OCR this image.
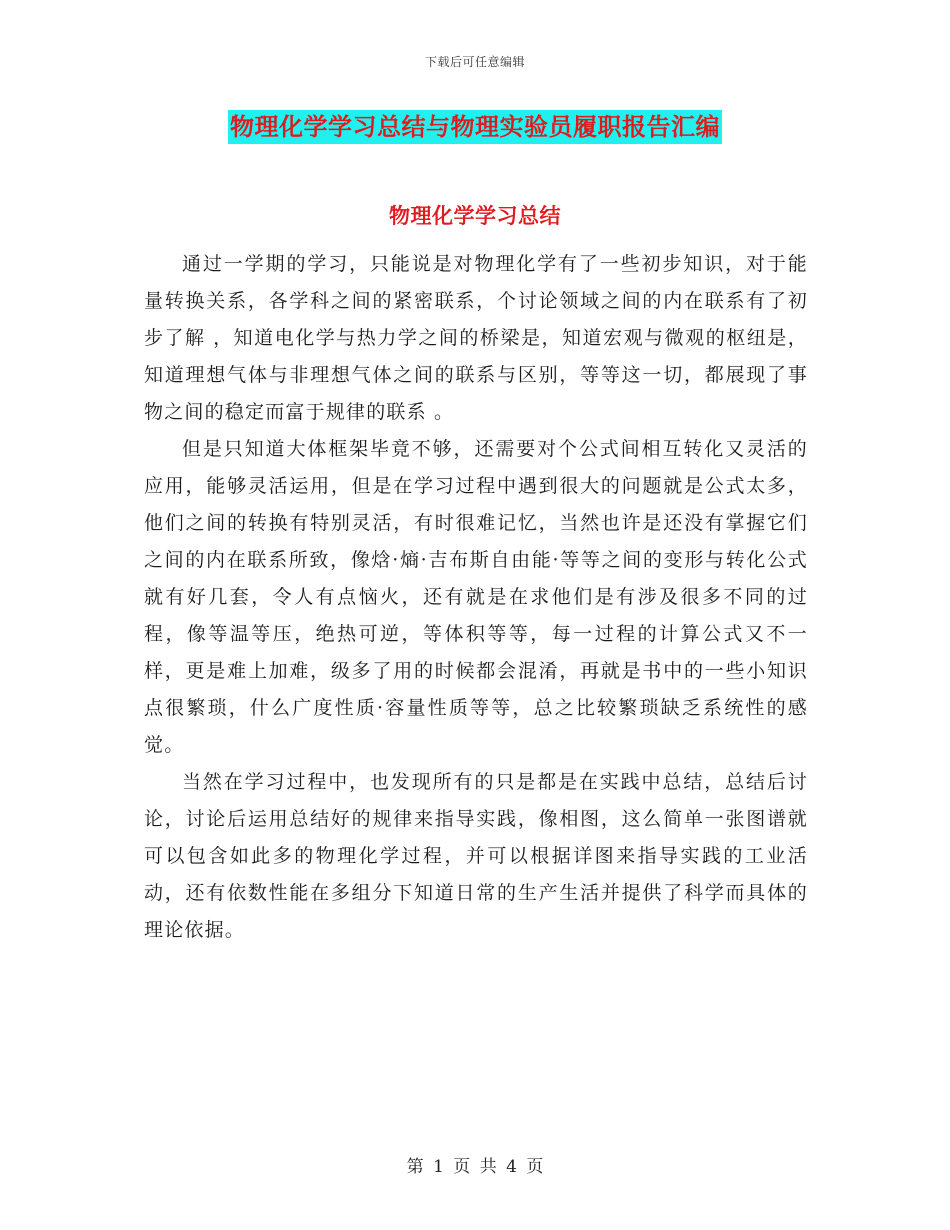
下载后可任意编辑
物理化学学习总结与物理实验员履职报告汇编
物理化学学习总结

通过一学期的学习，只能说是对物理化学有了一些初步知识，对于能量转换关系，各学科之间的紧密联系，个讨论领域之间的内在联系有了初步了解 ，知道电化学与热力学之间的桥梁是，知道宏观与微观的枢纽是，知道理想气体与非理想气体之间的联系与区别，等等这一切，都展现了事物之间的稳定而富于规律的联系 。

但是只知道大体框架毕竟不够，还需要对个公式间相互转化又灵活的应用，能够灵活运用，但是在学习过程中遇到很大的问题就是公式太多，他们之间的转换有特别灵活，有时很难记忆，当然也许是还没有掌握它们之间的内在联系所致，像焓·熵·吉布斯自由能·等等之间的变形与转化公式就有好几套，令人有点恼火，还有就是在求他们是有涉及很多不同的过程，像等温等压，绝热可逆，等体积等等，每一过程的计算公式又不一样，更是难上加难，级多了用的时候都会混淆，再就是书中的一些小知识点很繁琐，什么广度性质·容量性质等等，总之比较繁琐缺乏系统性的感觉。

当然在学习过程中，也发现所有的只是都是在实践中总结，总结后讨论，讨论后运用总结好的规律来指导实践，像相图，这么简单一张图谱就可以包含如此多的物理化学过程，并可以根据详图来指导实践的工业活动，还有依数性能在多组分下知道日常的生产生活并提供了科学而具体的理论依据。

第 1 页 共 4 页
